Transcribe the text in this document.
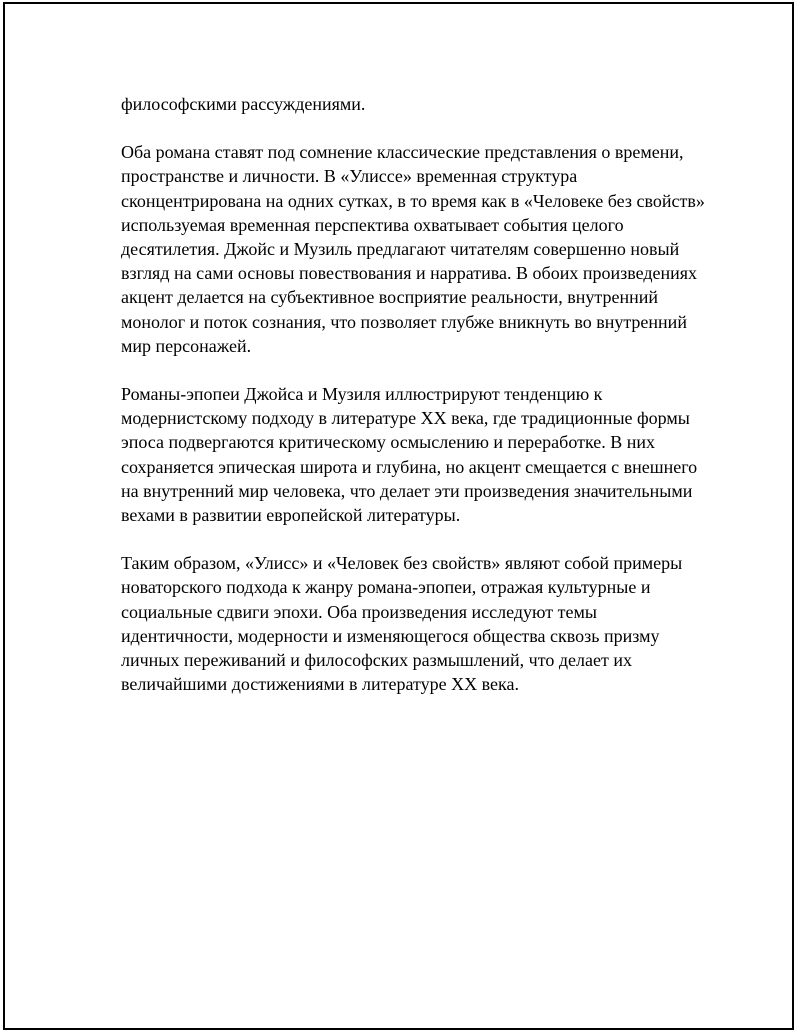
философскими рассуждениями.

Оба романа ставят под сомнение классические представления о времени, пространстве и личности. В «Улиссе» временная структура сконцентрирована на одних сутках, в то время как в «Человеке без свойств» используемая временная перспектива охватывает события целого десятилетия. Джойс и Музиль предлагают читателям совершенно новый взгляд на сами основы повествования и нарратива. В обоих произведениях акцент делается на субъективное восприятие реальности, внутренний монолог и поток сознания, что позволяет глубже вникнуть во внутренний мир персонажей.

Романы-эпопеи Джойса и Музиля иллюстрируют тенденцию к модернистскому подходу в литературе XX века, где традиционные формы эпоса подвергаются критическому осмыслению и переработке. В них сохраняется эпическая широта и глубина, но акцент смещается с внешнего на внутренний мир человека, что делает эти произведения значительными вехами в развитии европейской литературы.

Таким образом, «Улисс» и «Человек без свойств» являют собой примеры новаторского подхода к жанру романа-эпопеи, отражая культурные и социальные сдвиги эпохи. Оба произведения исследуют темы идентичности, модерности и изменяющегося общества сквозь призму личных переживаний и философских размышлений, что делает их величайшими достижениями в литературе XX века.
